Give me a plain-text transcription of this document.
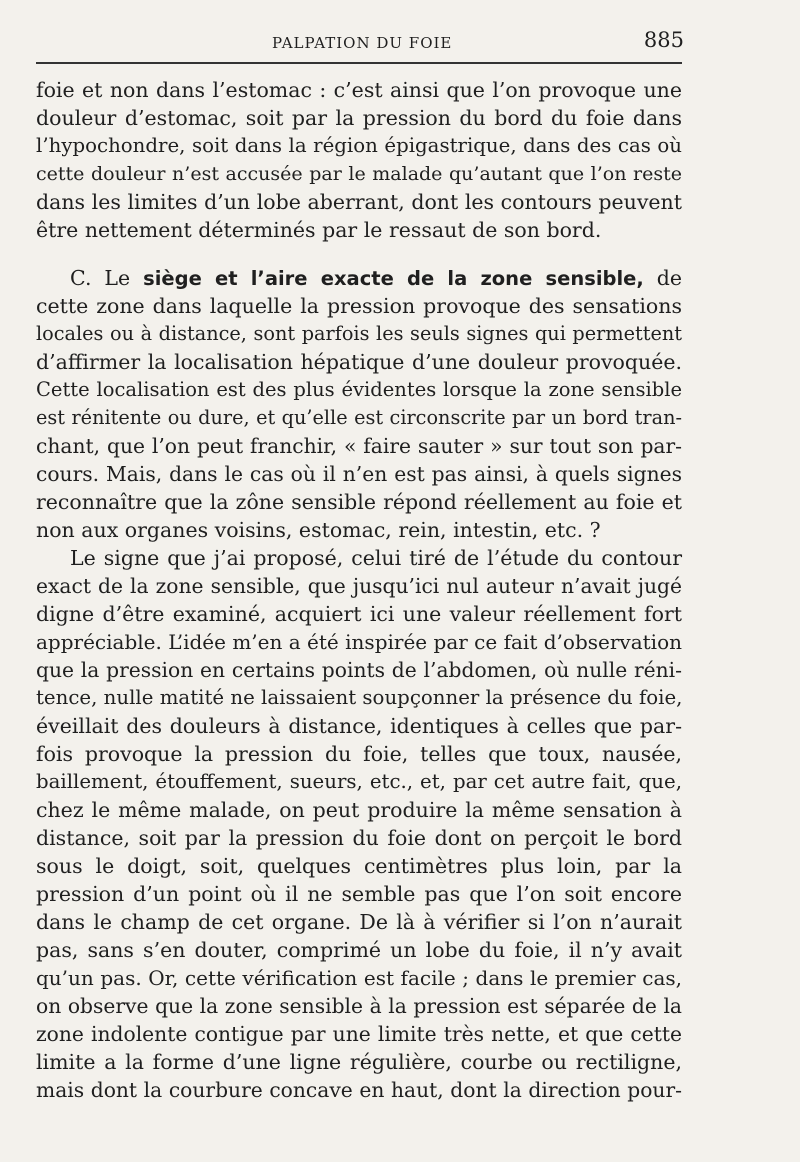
PALPATION DU FOIE	885
foie et non dans l’estomac : c’est ainsi que l’on provoque une
douleur d’estomac, soit par la pression du bord du foie dans
l’hypochondre, soit dans la région épigastrique, dans des cas où
cette douleur n’est accusée par le malade qu’autant que l’on reste
dans les limites d’un lobe aberrant, dont les contours peuvent
être nettement déterminés par le ressaut de son bord.
C. Le siège et l’aire exacte de la zone sensible, de
cette zone dans laquelle la pression provoque des sensations
locales ou à distance, sont parfois les seuls signes qui permettent
d’affirmer la localisation hépatique d’une douleur provoquée.
Cette localisation est des plus évidentes lorsque la zone sensible
est rénitente ou dure, et qu’elle est circonscrite par un bord tran-
chant, que l’on peut franchir, « faire sauter » sur tout son par-
cours. Mais, dans le cas où il n’en est pas ainsi, à quels signes
reconnaître que la zône sensible répond réellement au foie et
non aux organes voisins, estomac, rein, intestin, etc. ?
Le signe que j’ai proposé, celui tiré de l’étude du contour
exact de la zone sensible, que jusqu’ici nul auteur n’avait jugé
digne d’être examiné, acquiert ici une valeur réellement fort
appréciable. L’idée m’en a été inspirée par ce fait d’observation
que la pression en certains points de l’abdomen, où nulle réni-
tence, nulle matité ne laissaient soupçonner la présence du foie,
éveillait des douleurs à distance, identiques à celles que par-
fois provoque la pression du foie, telles que toux, nausée,
baillement, étouffement, sueurs, etc., et, par cet autre fait, que,
chez le même malade, on peut produire la même sensation à
distance, soit par la pression du foie dont on perçoit le bord
sous le doigt, soit, quelques centimètres plus loin, par la
pression d’un point où il ne semble pas que l’on soit encore
dans le champ de cet organe. De là à vérifier si l’on n’aurait
pas, sans s’en douter, comprimé un lobe du foie, il n’y avait
qu’un pas. Or, cette vérification est facile ; dans le premier cas,
on observe que la zone sensible à la pression est séparée de la
zone indolente contigue par une limite très nette, et que cette
limite a la forme d’une ligne régulière, courbe ou rectiligne,
mais dont la courbure concave en haut, dont la direction pour-
